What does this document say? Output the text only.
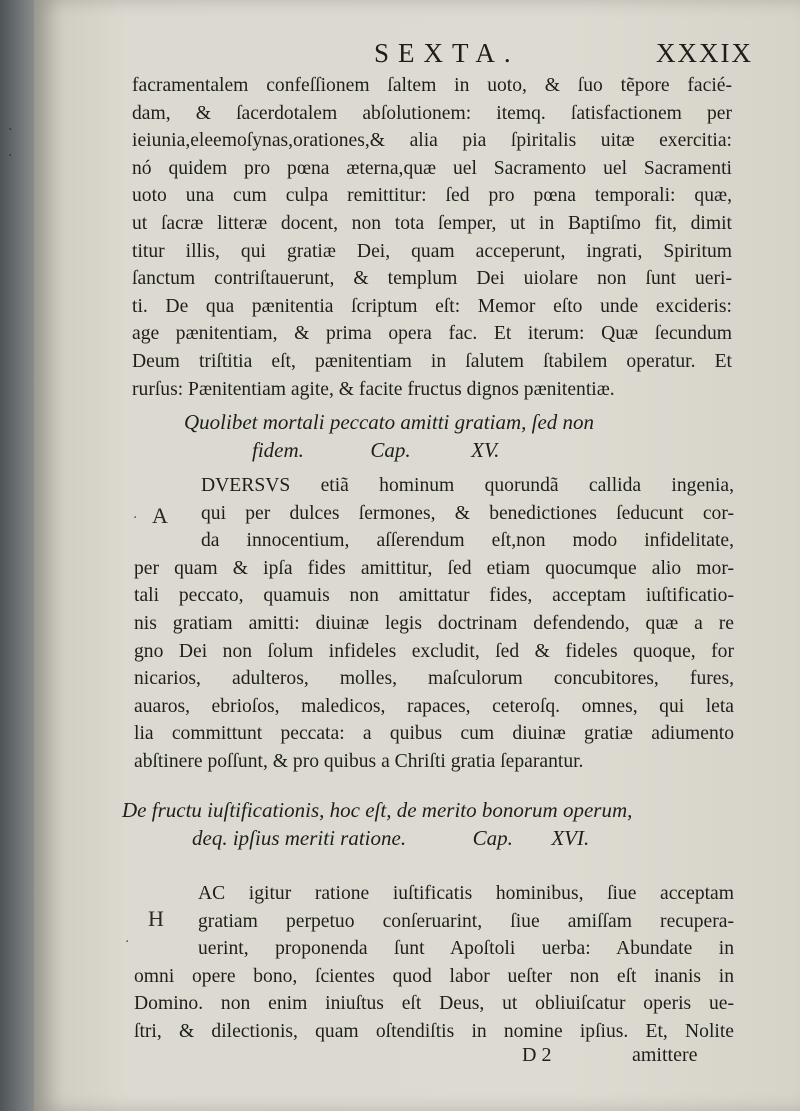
.
·
SEXTA.	XXXIX
facramentalem confeſſionem ſaltem in uoto, & ſuo tẽpore facié-
dam, & ſacerdotalem abſolutionem: itemq. ſatisfactionem per
ieiunia,eleemoſynas,orationes,& alia pia ſpiritalis uitæ exercitia:
nó quidem pro pœna æterna,quæ uel Sacramento uel Sacramenti
uoto una cum culpa remittitur: ſed pro pœna temporali: quæ,
ut ſacræ litteræ docent, non tota ſemper, ut in Baptiſmo fit, dimit
titur illis, qui gratiæ Dei, quam acceperunt, ingrati, Spiritum
ſanctum contriſtauerunt, & templum Dei uiolare non ſunt ueri-
ti. De qua pænitentia ſcriptum eſt: Memor eſto unde excideris:
age pænitentiam, & prima opera fac. Et iterum: Quæ ſecundum
Deum triſtitia eſt, pænitentiam in ſalutem ſtabilem operatur. Et
rurſus: Pænitentiam agite, & facite fructus dignos pænitentiæ.
Quolibet mortali peccato amitti gratiam, ſed non
fidem.	Cap.	XV.
A
·
DVERSVS etiã hominum quorundã callida ingenia,
qui per dulces ſermones, & benedictiones ſeducunt cor-
da innocentium, aſſerendum eſt,non modo infidelitate,
per quam & ipſa fides amittitur, ſed etiam quocumque alio mor-
tali peccato, quamuis non amittatur fides, acceptam iuſtificatio-
nis gratiam amitti: diuinæ legis doctrinam defendendo, quæ a re
gno Dei non ſolum infideles excludit, ſed & fideles quoque, for
nicarios, adulteros, molles, maſculorum concubitores, fures,
auaros, ebrioſos, maledicos, rapaces, ceteroſq. omnes, qui leta
lia committunt peccata: a quibus cum diuinæ gratiæ adiumento
abſtinere poſſunt, & pro quibus a Chriſti gratia ſeparantur.
De fructu iuſtificationis, hoc eſt, de merito bonorum operum,
deq. ipſius meriti ratione.	Cap. XVI.
H
·
AC igitur ratione iuſtificatis hominibus, ſiue acceptam
gratiam perpetuo conſeruarint, ſiue amiſſam recupera-
uerint, proponenda ſunt Apoſtoli uerba: Abundate in
omni opere bono, ſcientes quod labor ueſter non eſt inanis in
Domino. non enim iniuſtus eſt Deus, ut obliuiſcatur operis ue-
ſtri, & dilectionis, quam oſtendiſtis in nomine ipſius. Et, Nolite
D 2	amittere
